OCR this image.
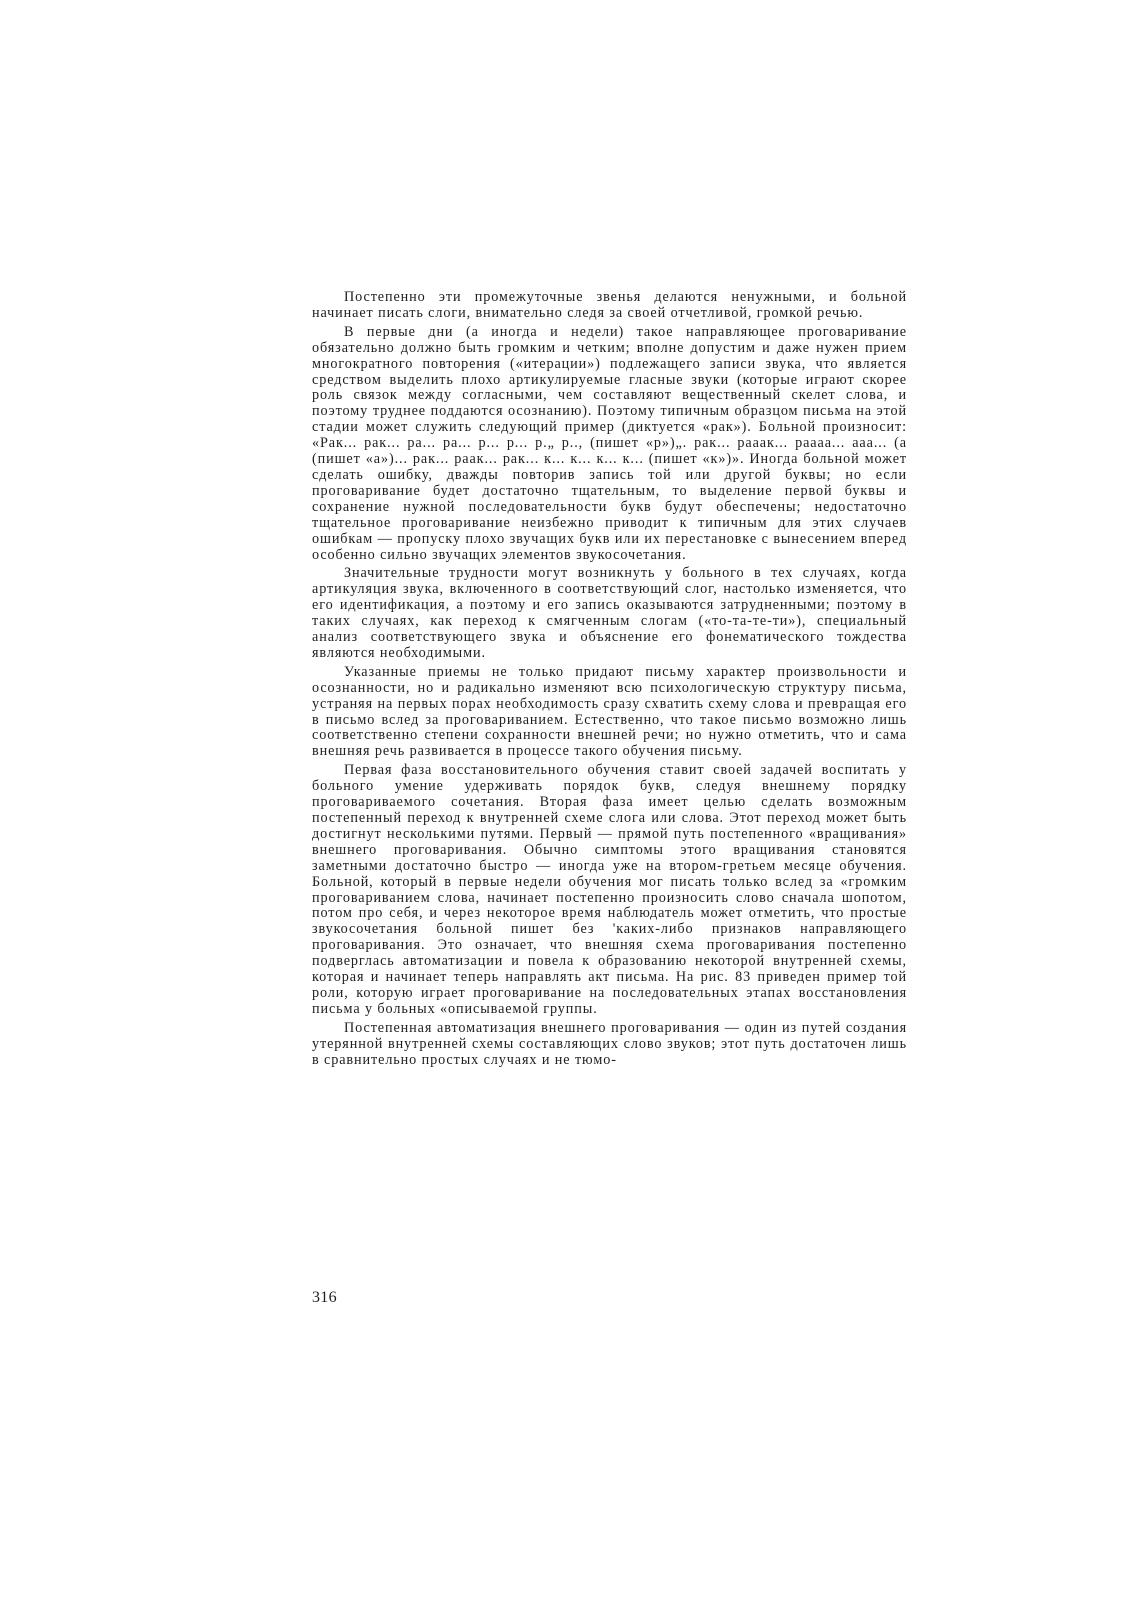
Постепенно эти промежуточные звенья делаются ненужными, и больной начинает писать слоги, внимательно следя за своей отчетливой, громкой речью.

В первые дни (а иногда и недели) такое направляющее проговаривание обязательно должно быть громким и четким; вполне допустим и даже нужен прием многократного повторения («итерации») подлежащего записи звука, что является средством выделить плохо артикулируемые гласные звуки (которые играют скорее роль связок между согласными, чем составляют вещественный скелет слова, и поэтому труднее поддаются осознанию). Поэтому типичным образцом письма на этой стадии может служить следующий пример (диктуется «рак»). Больной произносит: «Рак... рак... ра... ра... р... р... р.„ р.., (пишет «р»)„. рак... рааак... раааа... ааа... (а (пишет «а»)... рак... раак... рак... к... к... к... к... (пишет «к»)». Иногда больной может сделать ошибку, дважды повторив запись той или другой буквы; но если проговаривание будет достаточно тщательным, то выделение первой буквы и сохранение нужной последовательности букв будут обеспечены; недостаточно тщательное проговаривание неизбежно приводит к типичным для этих случаев ошибкам — пропуску плохо звучащих букв или их перестановке с вынесением вперед особенно сильно звучащих элементов звукосочетания.

Значительные трудности могут возникнуть у больного в тех случаях, когда артикуляция звука, включенного в соответствующий слог, настолько изменяется, что его идентификация, а поэтому и его запись оказываются затрудненными; поэтому в таких случаях, как переход к смягченным слогам («то-та-те-ти»), специальный анализ соответствующего звука и объяснение его фонематического тождества являются необходимыми.

Указанные приемы не только придают письму характер произвольности и осознанности, но и радикально изменяют всю психологическую структуру письма, устраняя на первых порах необходимость сразу схватить схему слова и превращая его в письмо вслед за проговариванием. Естественно, что такое письмо возможно лишь соответственно степени сохранности внешней речи; но нужно отметить, что и сама внешняя речь развивается в процессе такого обучения письму.

Первая фаза восстановительного обучения ставит своей задачей воспитать у больного умение удерживать порядок букв, следуя внешнему порядку проговариваемого сочетания. Вторая фаза имеет целью сделать возможным постепенный переход к внутренней схеме слога или слова. Этот переход может быть достигнут несколькими путями. Первый — прямой путь постепенного «вращивания» внешнего проговаривания. Обычно симптомы этого вращивания становятся заметными достаточно быстро — иногда уже на втором-гретьем месяце обучения. Больной, который в первые недели обучения мог писать только вслед за «громким проговариванием слова, начинает постепенно произносить слово сначала шопотом, потом про себя, и через некоторое время наблюдатель может отметить, что простые звукосочетания больной пишет без 'каких-либо признаков направляющего проговаривания. Это означает, что внешняя схема проговаривания постепенно подверглась автоматизации и повела к образованию некоторой внутренней схемы, которая и начинает теперь направлять акт письма. На рис. 83 приведен пример той роли, которую играет проговаривание на последовательных этапах восстановления письма у больных «описываемой группы.

Постепенная автоматизация внешнего проговаривания — один из путей создания утерянной внутренней схемы составляющих слово звуков; этот путь достаточен лишь в сравнительно простых случаях и не тюмо-

316
